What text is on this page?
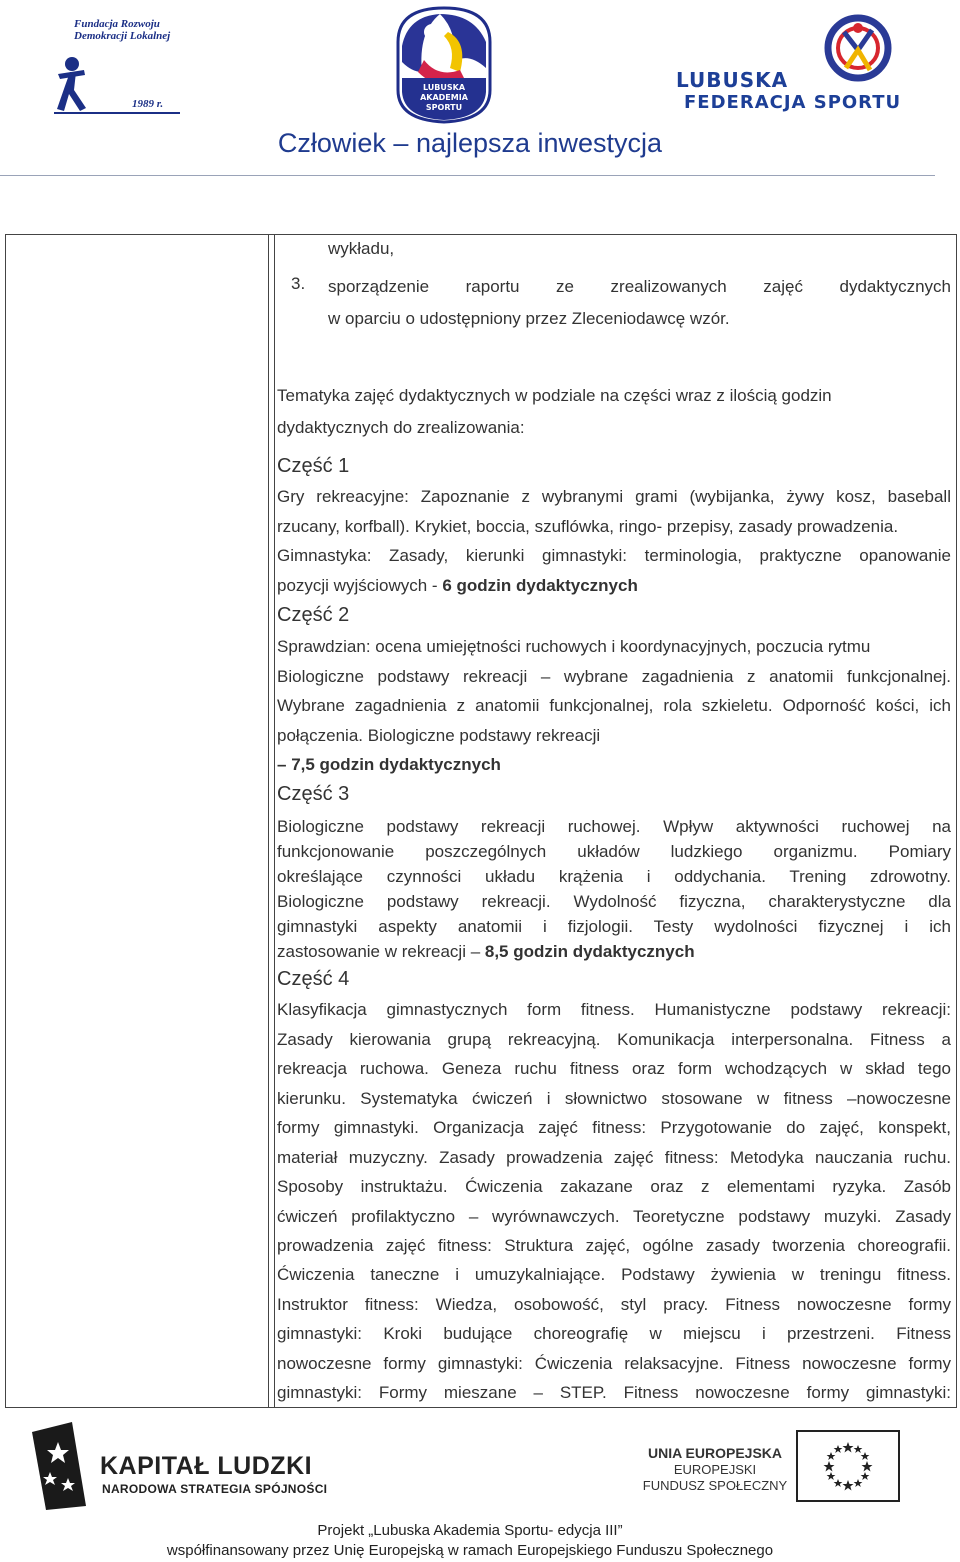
Fundacja Rozwoju
Demokracji Lokalnej
1989 r.
LUBUSKA
AKADEMIA
SPORTU
LUBUSKA
FEDERACJA SPORTU
Człowiek – najlepsza inwestycja
wykładu,
3. sporządzenie raportu ze zrealizowanych zajęć dydaktycznych
w oparciu o udostępniony przez Zleceniodawcę wzór.
Tematyka zajęć dydaktycznych w podziale na części wraz z ilością godzin
dydaktycznych do zrealizowania:
Część 1
Gry rekreacyjne: Zapoznanie z wybranymi grami (wybijanka, żywy kosz, baseball
rzucany, korfball). Krykiet, boccia, szuflówka, ringo- przepisy, zasady prowadzenia.
Gimnastyka: Zasady, kierunki gimnastyki: terminologia, praktyczne opanowanie
pozycji wyjściowych - 6 godzin dydaktycznych
Część 2
Sprawdzian: ocena umiejętności ruchowych i koordynacyjnych, poczucia rytmu
Biologiczne podstawy rekreacji – wybrane zagadnienia z anatomii funkcjonalnej.
Wybrane zagadnienia z anatomii funkcjonalnej, rola szkieletu. Odporność kości, ich
połączenia. Biologiczne podstawy rekreacji
– 7,5 godzin dydaktycznych
Część 3
Biologiczne podstawy rekreacji ruchowej. Wpływ aktywności ruchowej na
funkcjonowanie poszczególnych układów ludzkiego organizmu. Pomiary
określające czynności układu krążenia i oddychania. Trening zdrowotny.
Biologiczne podstawy rekreacji. Wydolność fizyczna, charakterystyczne dla
gimnastyki aspekty anatomii i fizjologii. Testy wydolności fizycznej i ich
zastosowanie w rekreacji – 8,5 godzin dydaktycznych
Część 4
Klasyfikacja gimnastycznych form fitness. Humanistyczne podstawy rekreacji:
Zasady kierowania grupą rekreacyjną. Komunikacja interpersonalna. Fitness a
rekreacja ruchowa. Geneza ruchu fitness oraz form wchodzących w skład tego
kierunku. Systematyka ćwiczeń i słownictwo stosowane w fitness –nowoczesne
formy gimnastyki. Organizacja zajęć fitness: Przygotowanie do zajęć, konspekt,
materiał muzyczny. Zasady prowadzenia zajęć fitness: Metodyka nauczania ruchu.
Sposoby instruktażu. Ćwiczenia zakazane oraz z elementami ryzyka. Zasób
ćwiczeń profilaktyczno – wyrównawczych. Teoretyczne podstawy muzyki. Zasady
prowadzenia zajęć fitness: Struktura zajęć, ogólne zasady tworzenia choreografii.
Ćwiczenia taneczne i umuzykalniające. Podstawy żywienia w treningu fitness.
Instruktor fitness: Wiedza, osobowość, styl pracy. Fitness nowoczesne formy
gimnastyki: Kroki budujące choreografię w miejscu i przestrzeni. Fitness
nowoczesne formy gimnastyki: Ćwiczenia relaksacyjne. Fitness nowoczesne formy
gimnastyki: Formy mieszane – STEP. Fitness nowoczesne formy gimnastyki:
KAPITAŁ LUDZKI
NARODOWA STRATEGIA SPÓJNOŚCI
UNIA EUROPEJSKA
EUROPEJSKI
FUNDUSZ SPOŁECZNY
Projekt „Lubuska Akademia Sportu- edycja III”
współfinansowany przez Unię Europejską w ramach Europejskiego Funduszu Społecznego
